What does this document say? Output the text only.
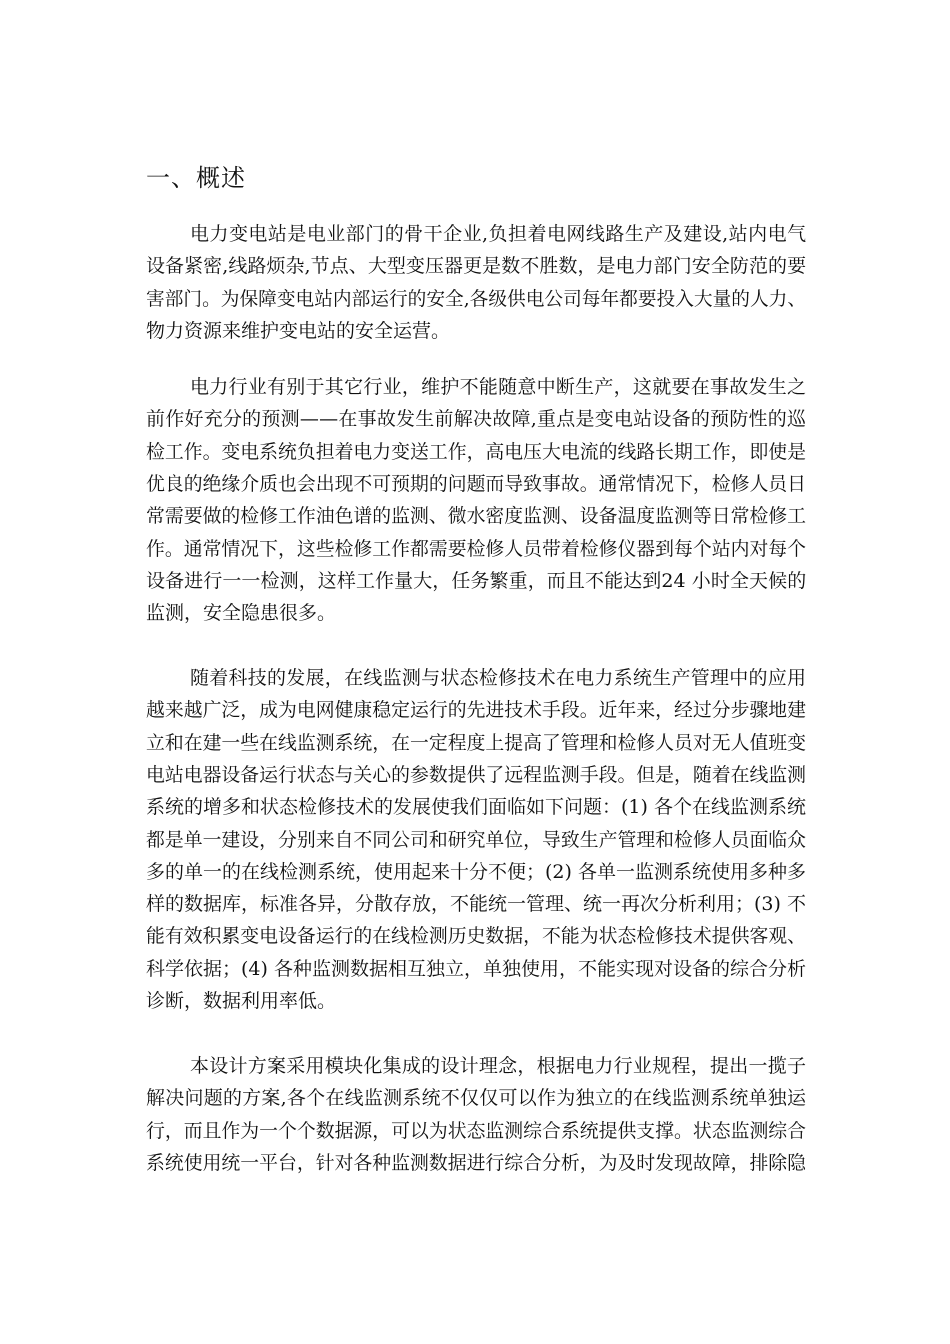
一、概述
电力变电站是电业部门的骨干企业,负担着电网线路生产及建设,站内电气
设备紧密,线路烦杂,节点、大型变压器更是数不胜数，是电力部门安全防范的要
害部门。为保障变电站内部运行的安全,各级供电公司每年都要投入大量的人力、
物力资源来维护变电站的安全运营。
电力行业有别于其它行业，维护不能随意中断生产，这就要在事故发生之
前作好充分的预测——在事故发生前解决故障,重点是变电站设备的预防性的巡
检工作。变电系统负担着电力变送工作，高电压大电流的线路长期工作，即使是
优良的绝缘介质也会出现不可预期的问题而导致事故。通常情况下，检修人员日
常需要做的检修工作油色谱的监测、微水密度监测、设备温度监测等日常检修工
作。通常情况下，这些检修工作都需要检修人员带着检修仪器到每个站内对每个
设备进行一一检测，这样工作量大，任务繁重，而且不能达到24 小时全天候的
监测，安全隐患很多。
随着科技的发展，在线监测与状态检修技术在电力系统生产管理中的应用
越来越广泛，成为电网健康稳定运行的先进技术手段。近年来，经过分步骤地建
立和在建一些在线监测系统，在一定程度上提高了管理和检修人员对无人值班变
电站电器设备运行状态与关心的参数提供了远程监测手段。但是，随着在线监测
系统的增多和状态检修技术的发展使我们面临如下问题：(1) 各个在线监测系统
都是单一建设，分别来自不同公司和研究单位，导致生产管理和检修人员面临众
多的单一的在线检测系统，使用起来十分不便；(2) 各单一监测系统使用多种多
样的数据库，标准各异，分散存放，不能统一管理、统一再次分析利用；(3) 不
能有效积累变电设备运行的在线检测历史数据，不能为状态检修技术提供客观、
科学依据；(4) 各种监测数据相互独立，单独使用，不能实现对设备的综合分析
诊断，数据利用率低。
本设计方案采用模块化集成的设计理念，根据电力行业规程，提出一揽子
解决问题的方案,各个在线监测系统不仅仅可以作为独立的在线监测系统单独运
行，而且作为一个个数据源，可以为状态监测综合系统提供支撑。状态监测综合
系统使用统一平台，针对各种监测数据进行综合分析，为及时发现故障，排除隐
